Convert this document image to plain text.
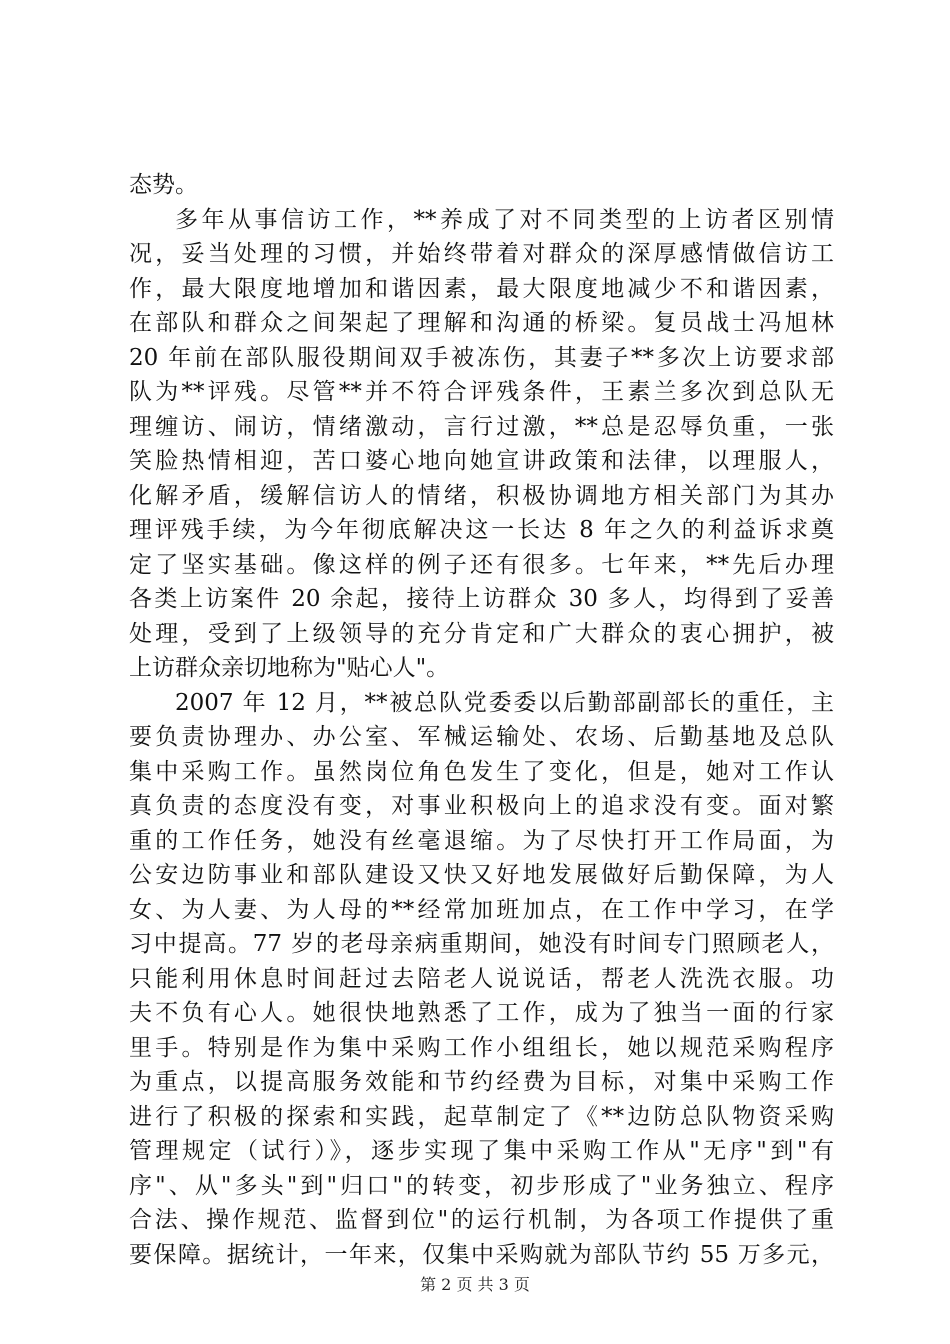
态势。
多年从事信访工作，**养成了对不同类型的上访者区别情
况，妥当处理的习惯，并始终带着对群众的深厚感情做信访工
作，最大限度地增加和谐因素，最大限度地减少不和谐因素，
在部队和群众之间架起了理解和沟通的桥梁。复员战士冯旭林
20 年前在部队服役期间双手被冻伤，其妻子**多次上访要求部
队为**评残。尽管**并不符合评残条件，王素兰多次到总队无
理缠访、闹访，情绪激动，言行过激，**总是忍辱负重，一张
笑脸热情相迎，苦口婆心地向她宣讲政策和法律，以理服人，
化解矛盾，缓解信访人的情绪，积极协调地方相关部门为其办
理评残手续，为今年彻底解决这一长达 8 年之久的利益诉求奠
定了坚实基础。像这样的例子还有很多。七年来，**先后办理
各类上访案件 20 余起，接待上访群众 30 多人，均得到了妥善
处理，受到了上级领导的充分肯定和广大群众的衷心拥护，被
上访群众亲切地称为"贴心人"。
2007 年 12 月，**被总队党委委以后勤部副部长的重任，主
要负责协理办、办公室、军械运输处、农场、后勤基地及总队
集中采购工作。虽然岗位角色发生了变化，但是，她对工作认
真负责的态度没有变，对事业积极向上的追求没有变。面对繁
重的工作任务，她没有丝毫退缩。为了尽快打开工作局面，为
公安边防事业和部队建设又快又好地发展做好后勤保障，为人
女、为人妻、为人母的**经常加班加点，在工作中学习，在学
习中提高。77 岁的老母亲病重期间，她没有时间专门照顾老人，
只能利用休息时间赶过去陪老人说说话，帮老人洗洗衣服。功
夫不负有心人。她很快地熟悉了工作，成为了独当一面的行家
里手。特别是作为集中采购工作小组组长，她以规范采购程序
为重点，以提高服务效能和节约经费为目标，对集中采购工作
进行了积极的探索和实践，起草制定了《**边防总队物资采购
管理规定（试行）》，逐步实现了集中采购工作从"无序"到"有
序"、从"多头"到"归口"的转变，初步形成了"业务独立、程序
合法、操作规范、监督到位"的运行机制，为各项工作提供了重
要保障。据统计，一年来，仅集中采购就为部队节约 55 万多元，
第 2 页 共 3 页
